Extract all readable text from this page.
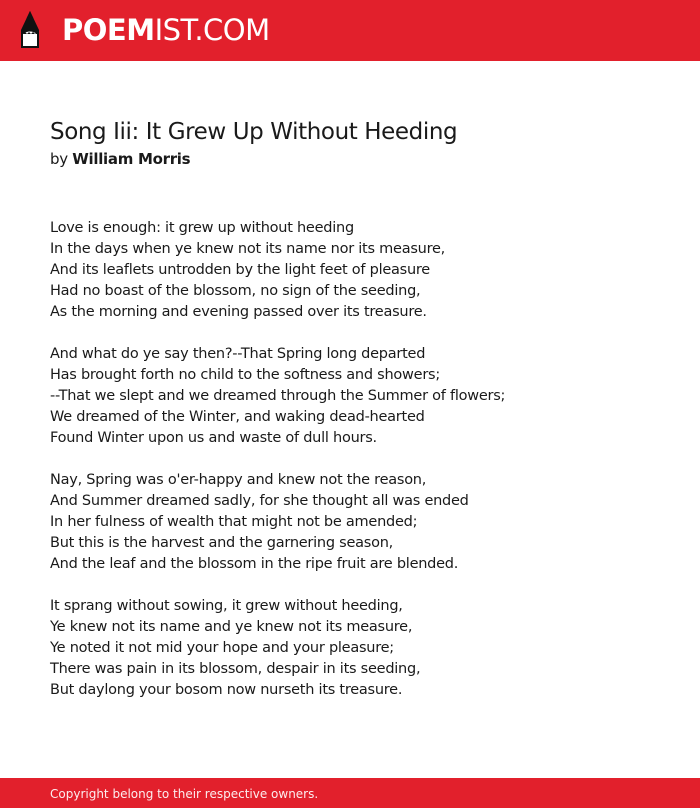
POEMIST.COM
Song Iii: It Grew Up Without Heeding
by William Morris
Love is enough: it grew up without heeding
In the days when ye knew not its name nor its measure,
And its leaflets untrodden by the light feet of pleasure
Had no boast of the blossom, no sign of the seeding,
As the morning and evening passed over its treasure.
And what do ye say then?--That Spring long departed
Has brought forth no child to the softness and showers;
--That we slept and we dreamed through the Summer of flowers;
We dreamed of the Winter, and waking dead-hearted
Found Winter upon us and waste of dull hours.
Nay, Spring was o'er-happy and knew not the reason,
And Summer dreamed sadly, for she thought all was ended
In her fulness of wealth that might not be amended;
But this is the harvest and the garnering season,
And the leaf and the blossom in the ripe fruit are blended.
It sprang without sowing, it grew without heeding,
Ye knew not its name and ye knew not its measure,
Ye noted it not mid your hope and your pleasure;
There was pain in its blossom, despair in its seeding,
But daylong your bosom now nurseth its treasure.
Copyright belong to their respective owners.
